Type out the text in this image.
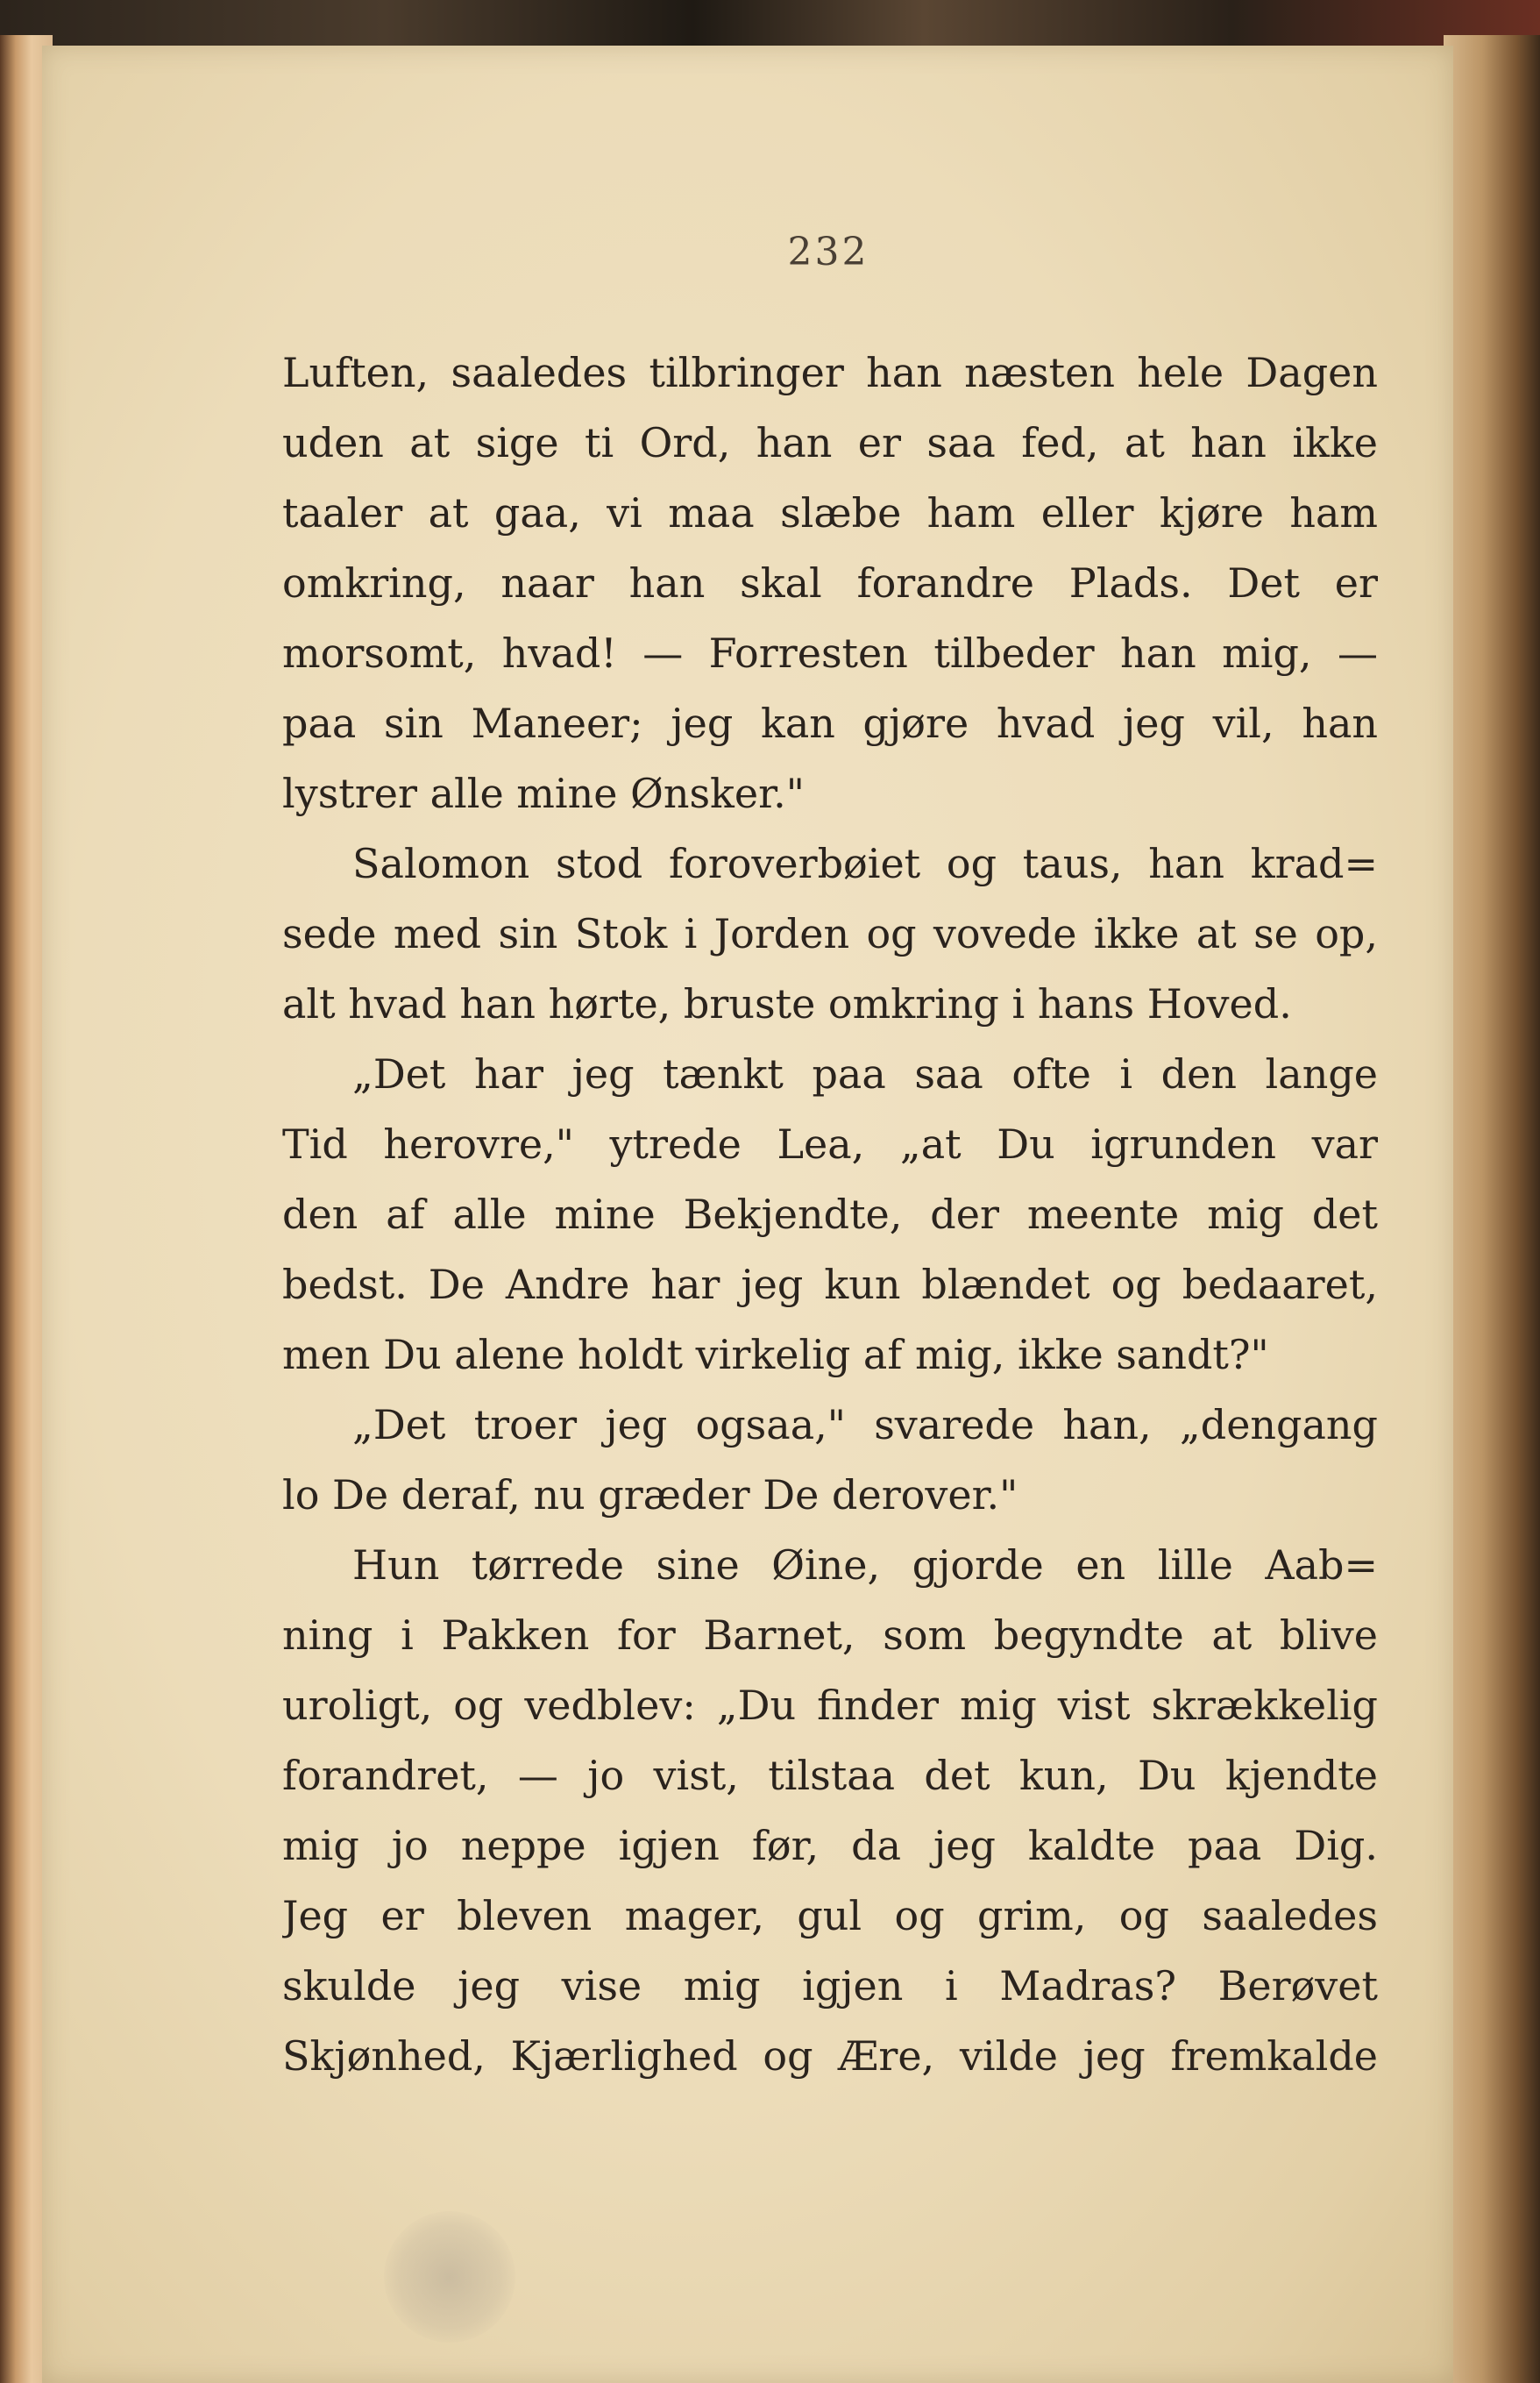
232
Luften, saaledes tilbringer han næsten hele Dagen
uden at sige ti Ord, han er saa fed, at han ikke
taaler at gaa, vi maa slæbe ham eller kjøre ham
omkring, naar han skal forandre Plads. Det er
morsomt, hvad! — Forresten tilbeder han mig, —
paa sin Maneer; jeg kan gjøre hvad jeg vil, han
lystrer alle mine Ønsker."
Salomon stod foroverbøiet og taus, han krad=
sede med sin Stok i Jorden og vovede ikke at se op,
alt hvad han hørte, bruste omkring i hans Hoved.
„Det har jeg tænkt paa saa ofte i den lange
Tid herovre," ytrede Lea, „at Du igrunden var
den af alle mine Bekjendte, der meente mig det
bedst. De Andre har jeg kun blændet og bedaaret,
men Du alene holdt virkelig af mig, ikke sandt?"
„Det troer jeg ogsaa," svarede han, „dengang
lo De deraf, nu græder De derover."
Hun tørrede sine Øine, gjorde en lille Aab=
ning i Pakken for Barnet, som begyndte at blive
uroligt, og vedblev: „Du finder mig vist skrækkelig
forandret, — jo vist, tilstaa det kun, Du kjendte
mig jo neppe igjen før, da jeg kaldte paa Dig.
Jeg er bleven mager, gul og grim, og saaledes
skulde jeg vise mig igjen i Madras? Berøvet
Skjønhed, Kjærlighed og Ære, vilde jeg fremkalde
